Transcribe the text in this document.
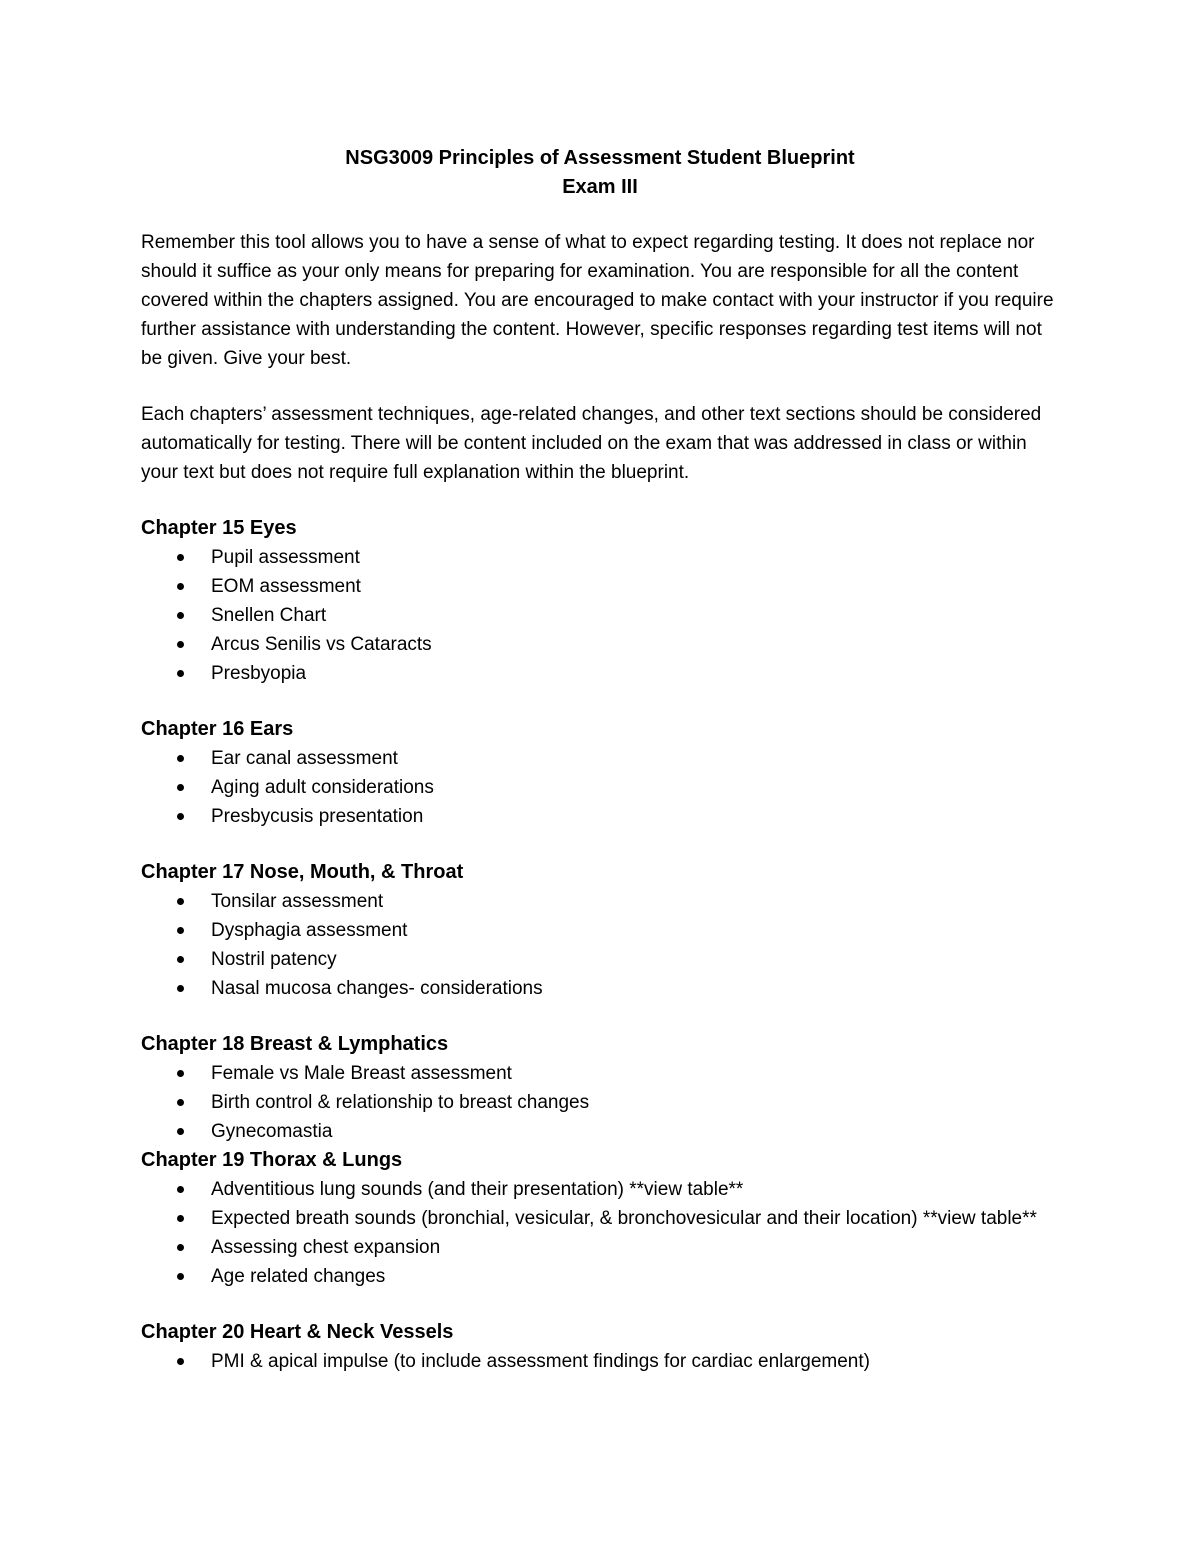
NSG3009 Principles of Assessment Student Blueprint
Exam III

Remember this tool allows you to have a sense of what to expect regarding testing. It does not replace nor should it suffice as your only means for preparing for examination. You are responsible for all the content covered within the chapters assigned. You are encouraged to make contact with your instructor if you require further assistance with understanding the content. However, specific responses regarding test items will not be given. Give your best.

Each chapters’ assessment techniques, age-related changes, and other text sections should be considered automatically for testing. There will be content included on the exam that was addressed in class or within your text but does not require full explanation within the blueprint.

Chapter 15 Eyes
Pupil assessment
EOM assessment
Snellen Chart
Arcus Senilis vs Cataracts
Presbyopia
Chapter 16 Ears
Ear canal assessment
Aging adult considerations
Presbycusis presentation
Chapter 17 Nose, Mouth, & Throat
Tonsilar assessment
Dysphagia assessment
Nostril patency
Nasal mucosa changes- considerations
Chapter 18 Breast & Lymphatics
Female vs Male Breast assessment
Birth control & relationship to breast changes
Gynecomastia
Chapter 19 Thorax & Lungs
Adventitious lung sounds (and their presentation) **view table**
Expected breath sounds (bronchial, vesicular, & bronchovesicular and their location) **view table**
Assessing chest expansion
Age related changes
Chapter 20 Heart & Neck Vessels
PMI & apical impulse (to include assessment findings for cardiac enlargement)
